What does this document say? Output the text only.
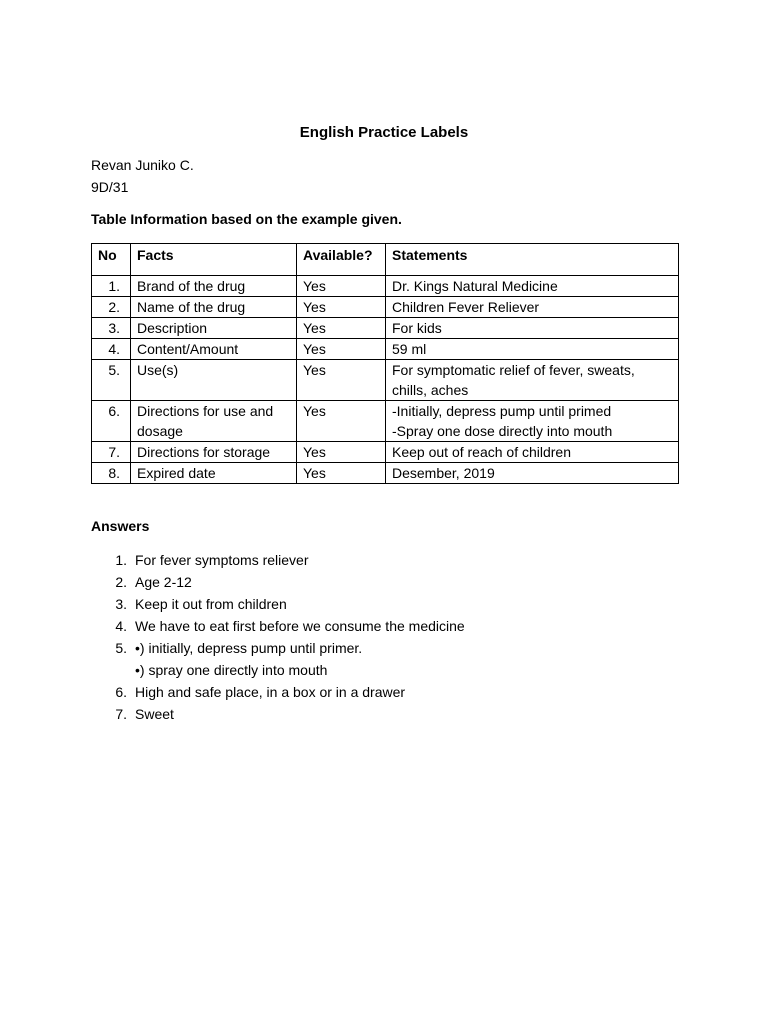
English Practice Labels
Revan Juniko C.
9D/31
Table Information based on the example given.
No	Facts	Available?	Statements
1.	Brand of the drug	Yes	Dr. Kings Natural Medicine
2.	Name of the drug	Yes	Children Fever Reliever
3.	Description	Yes	For kids
4.	Content/Amount	Yes	59 ml
5.	Use(s)	Yes	For symptomatic relief of fever, sweats, chills, aches
6.	Directions for use and dosage	Yes	-Initially, depress pump until primed
-Spray one dose directly into mouth
7.	Directions for storage	Yes	Keep out of reach of children
8.	Expired date	Yes	Desember, 2019
Answers
1. For fever symptoms reliever
2. Age 2-12
3. Keep it out from children
4. We have to eat first before we consume the medicine
5. •) initially, depress pump until primer.
•) spray one directly into mouth
6. High and safe place, in a box or in a drawer
7. Sweet
